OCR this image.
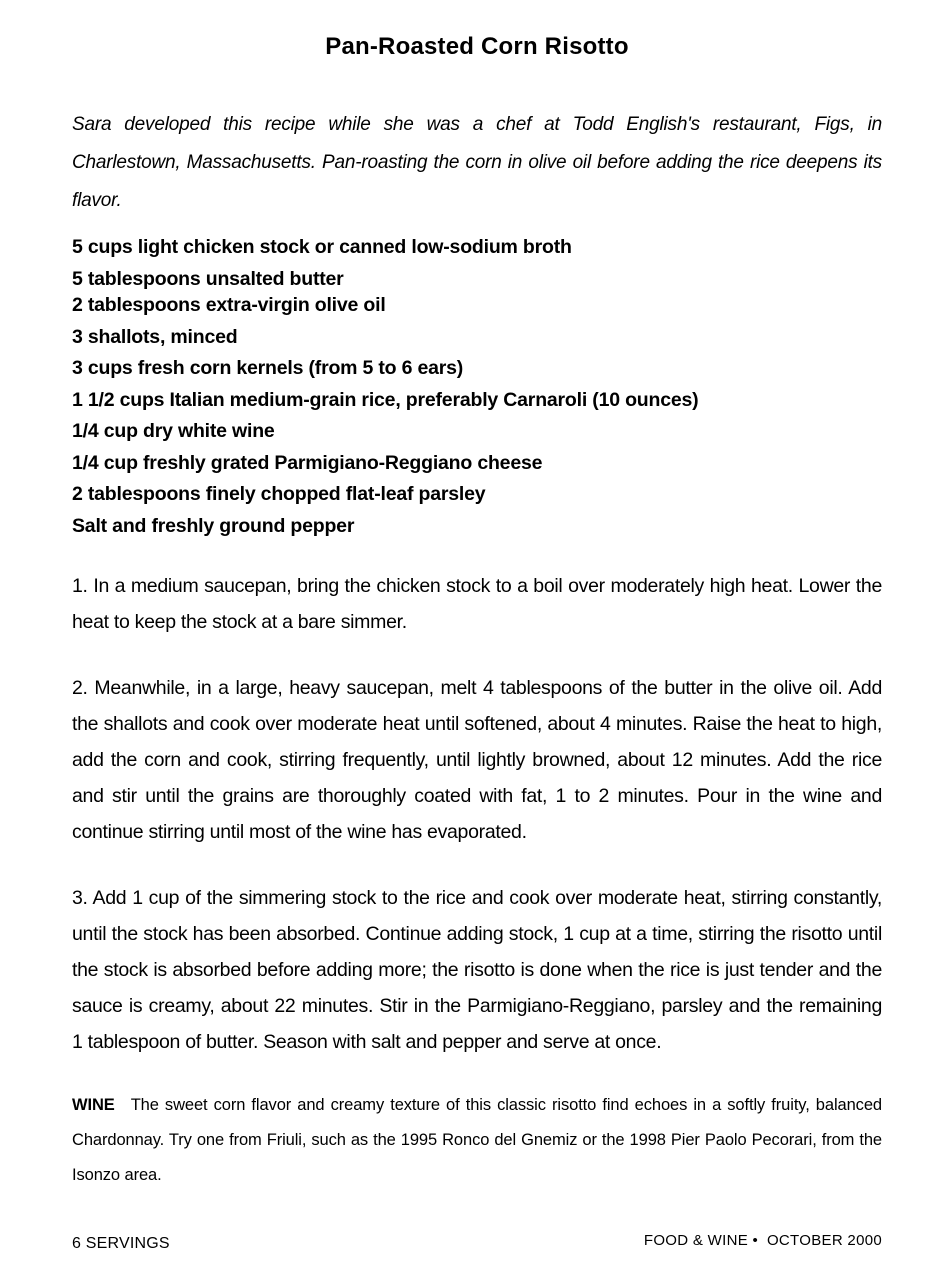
Pan-Roasted Corn Risotto

Sara developed this recipe while she was a chef at Todd English's restaurant, Figs, in Charlestown, Massachusetts. Pan-roasting the corn in olive oil before adding the rice deepens its flavor.

5 cups light chicken stock or canned low-sodium broth
5 tablespoons unsalted butter
2 tablespoons extra-virgin olive oil
3 shallots, minced
3 cups fresh corn kernels (from 5 to 6 ears)
1 1/2 cups Italian medium-grain rice, preferably Carnaroli (10 ounces)
1/4 cup dry white wine
1/4 cup freshly grated Parmigiano-Reggiano cheese
2 tablespoons finely chopped flat-leaf parsley
Salt and freshly ground pepper

1. In a medium saucepan, bring the chicken stock to a boil over moderately high heat. Lower the heat to keep the stock at a bare simmer.

2. Meanwhile, in a large, heavy saucepan, melt 4 tablespoons of the butter in the olive oil. Add the shallots and cook over moderate heat until softened, about 4 minutes. Raise the heat to high, add the corn and cook, stirring frequently, until lightly browned, about 12 minutes. Add the rice and stir until the grains are thoroughly coated with fat, 1 to 2 minutes. Pour in the wine and continue stirring until most of the wine has evaporated.

3. Add 1 cup of the simmering stock to the rice and cook over moderate heat, stirring constantly, until the stock has been absorbed. Continue adding stock, 1 cup at a time, stirring the risotto until the stock is absorbed before adding more; the risotto is done when the rice is just tender and the sauce is creamy, about 22 minutes. Stir in the Parmigiano-Reggiano, parsley and the remaining 1 tablespoon of butter. Season with salt and pepper and serve at once.

WINE The sweet corn flavor and creamy texture of this classic risotto find echoes in a softly fruity, balanced Chardonnay. Try one from Friuli, such as the 1995 Ronco del Gnemiz or the 1998 Pier Paolo Pecorari, from the Isonzo area.

6 SERVINGS	FOOD & WINE •  OCTOBER 2000
